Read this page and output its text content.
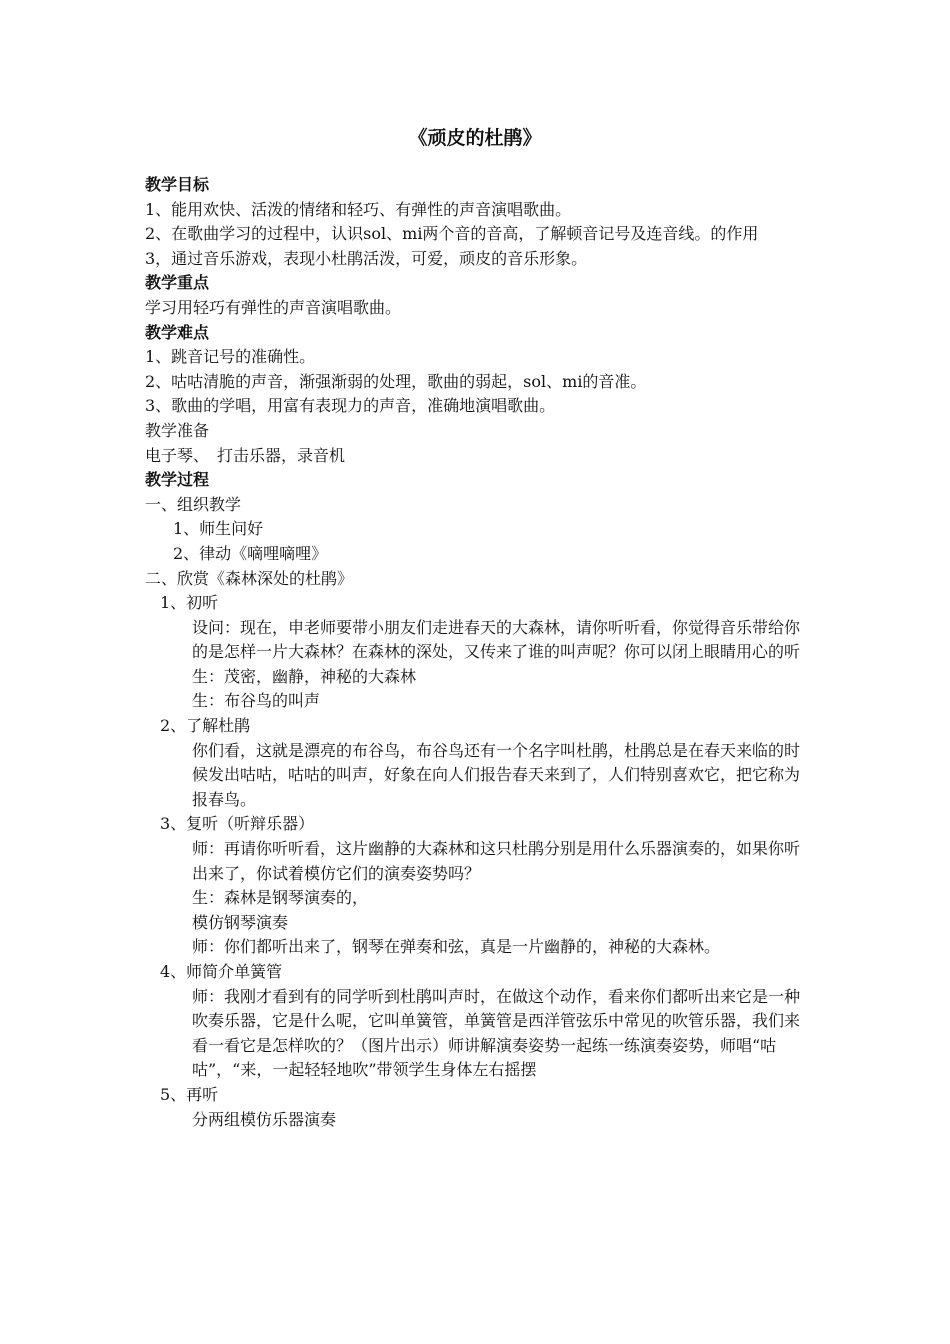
《顽皮的杜鹃》
教学目标
1、能用欢快、活泼的情绪和轻巧、有弹性的声音演唱歌曲。
2、在歌曲学习的过程中，认识sol、mi两个音的音高，了解顿音记号及连音线。的作用
3，通过音乐游戏，表现小杜鹃活泼，可爱，顽皮的音乐形象。
教学重点
学习用轻巧有弹性的声音演唱歌曲。
教学难点
1、跳音记号的准确性。
2、咕咕清脆的声音，渐强渐弱的处理，歌曲的弱起，sol、mi的音准。
3、歌曲的学唱，用富有表现力的声音，准确地演唱歌曲。
教学准备
电子琴、　打击乐器，录音机
教学过程
一、组织教学
1、师生问好
2、律动《嘀哩嘀哩》
二、欣赏《森林深处的杜鹃》
1、初听
设问：现在，申老师要带小朋友们走进春天的大森林，请你听听看，你觉得音乐带给你的是怎样一片大森林？在森林的深处，又传来了谁的叫声呢？你可以闭上眼睛用心的听
生：茂密，幽静，神秘的大森林
生：布谷鸟的叫声
2、了解杜鹃
你们看，这就是漂亮的布谷鸟，布谷鸟还有一个名字叫杜鹃，杜鹃总是在春天来临的时候发出咕咕，咕咕的叫声，好象在向人们报告春天来到了，人们特别喜欢它，把它称为报春鸟。
3、复听（听辩乐器）
师：再请你听听看，这片幽静的大森林和这只杜鹃分别是用什么乐器演奏的，如果你听出来了，你试着模仿它们的演奏姿势吗？
生：森林是钢琴演奏的，
模仿钢琴演奏
师：你们都听出来了，钢琴在弹奏和弦，真是一片幽静的，神秘的大森林。
4、师简介单簧管
师：我刚才看到有的同学听到杜鹃叫声时，在做这个动作，看来你们都听出来它是一种吹奏乐器，它是什么呢，它叫单簧管，单簧管是西洋管弦乐中常见的吹管乐器，我们来看一看它是怎样吹的？（图片出示）师讲解演奏姿势一起练一练演奏姿势，师唱“咕咕”，“来，一起轻轻地吹”带领学生身体左右摇摆
5、再听
分两组模仿乐器演奏
